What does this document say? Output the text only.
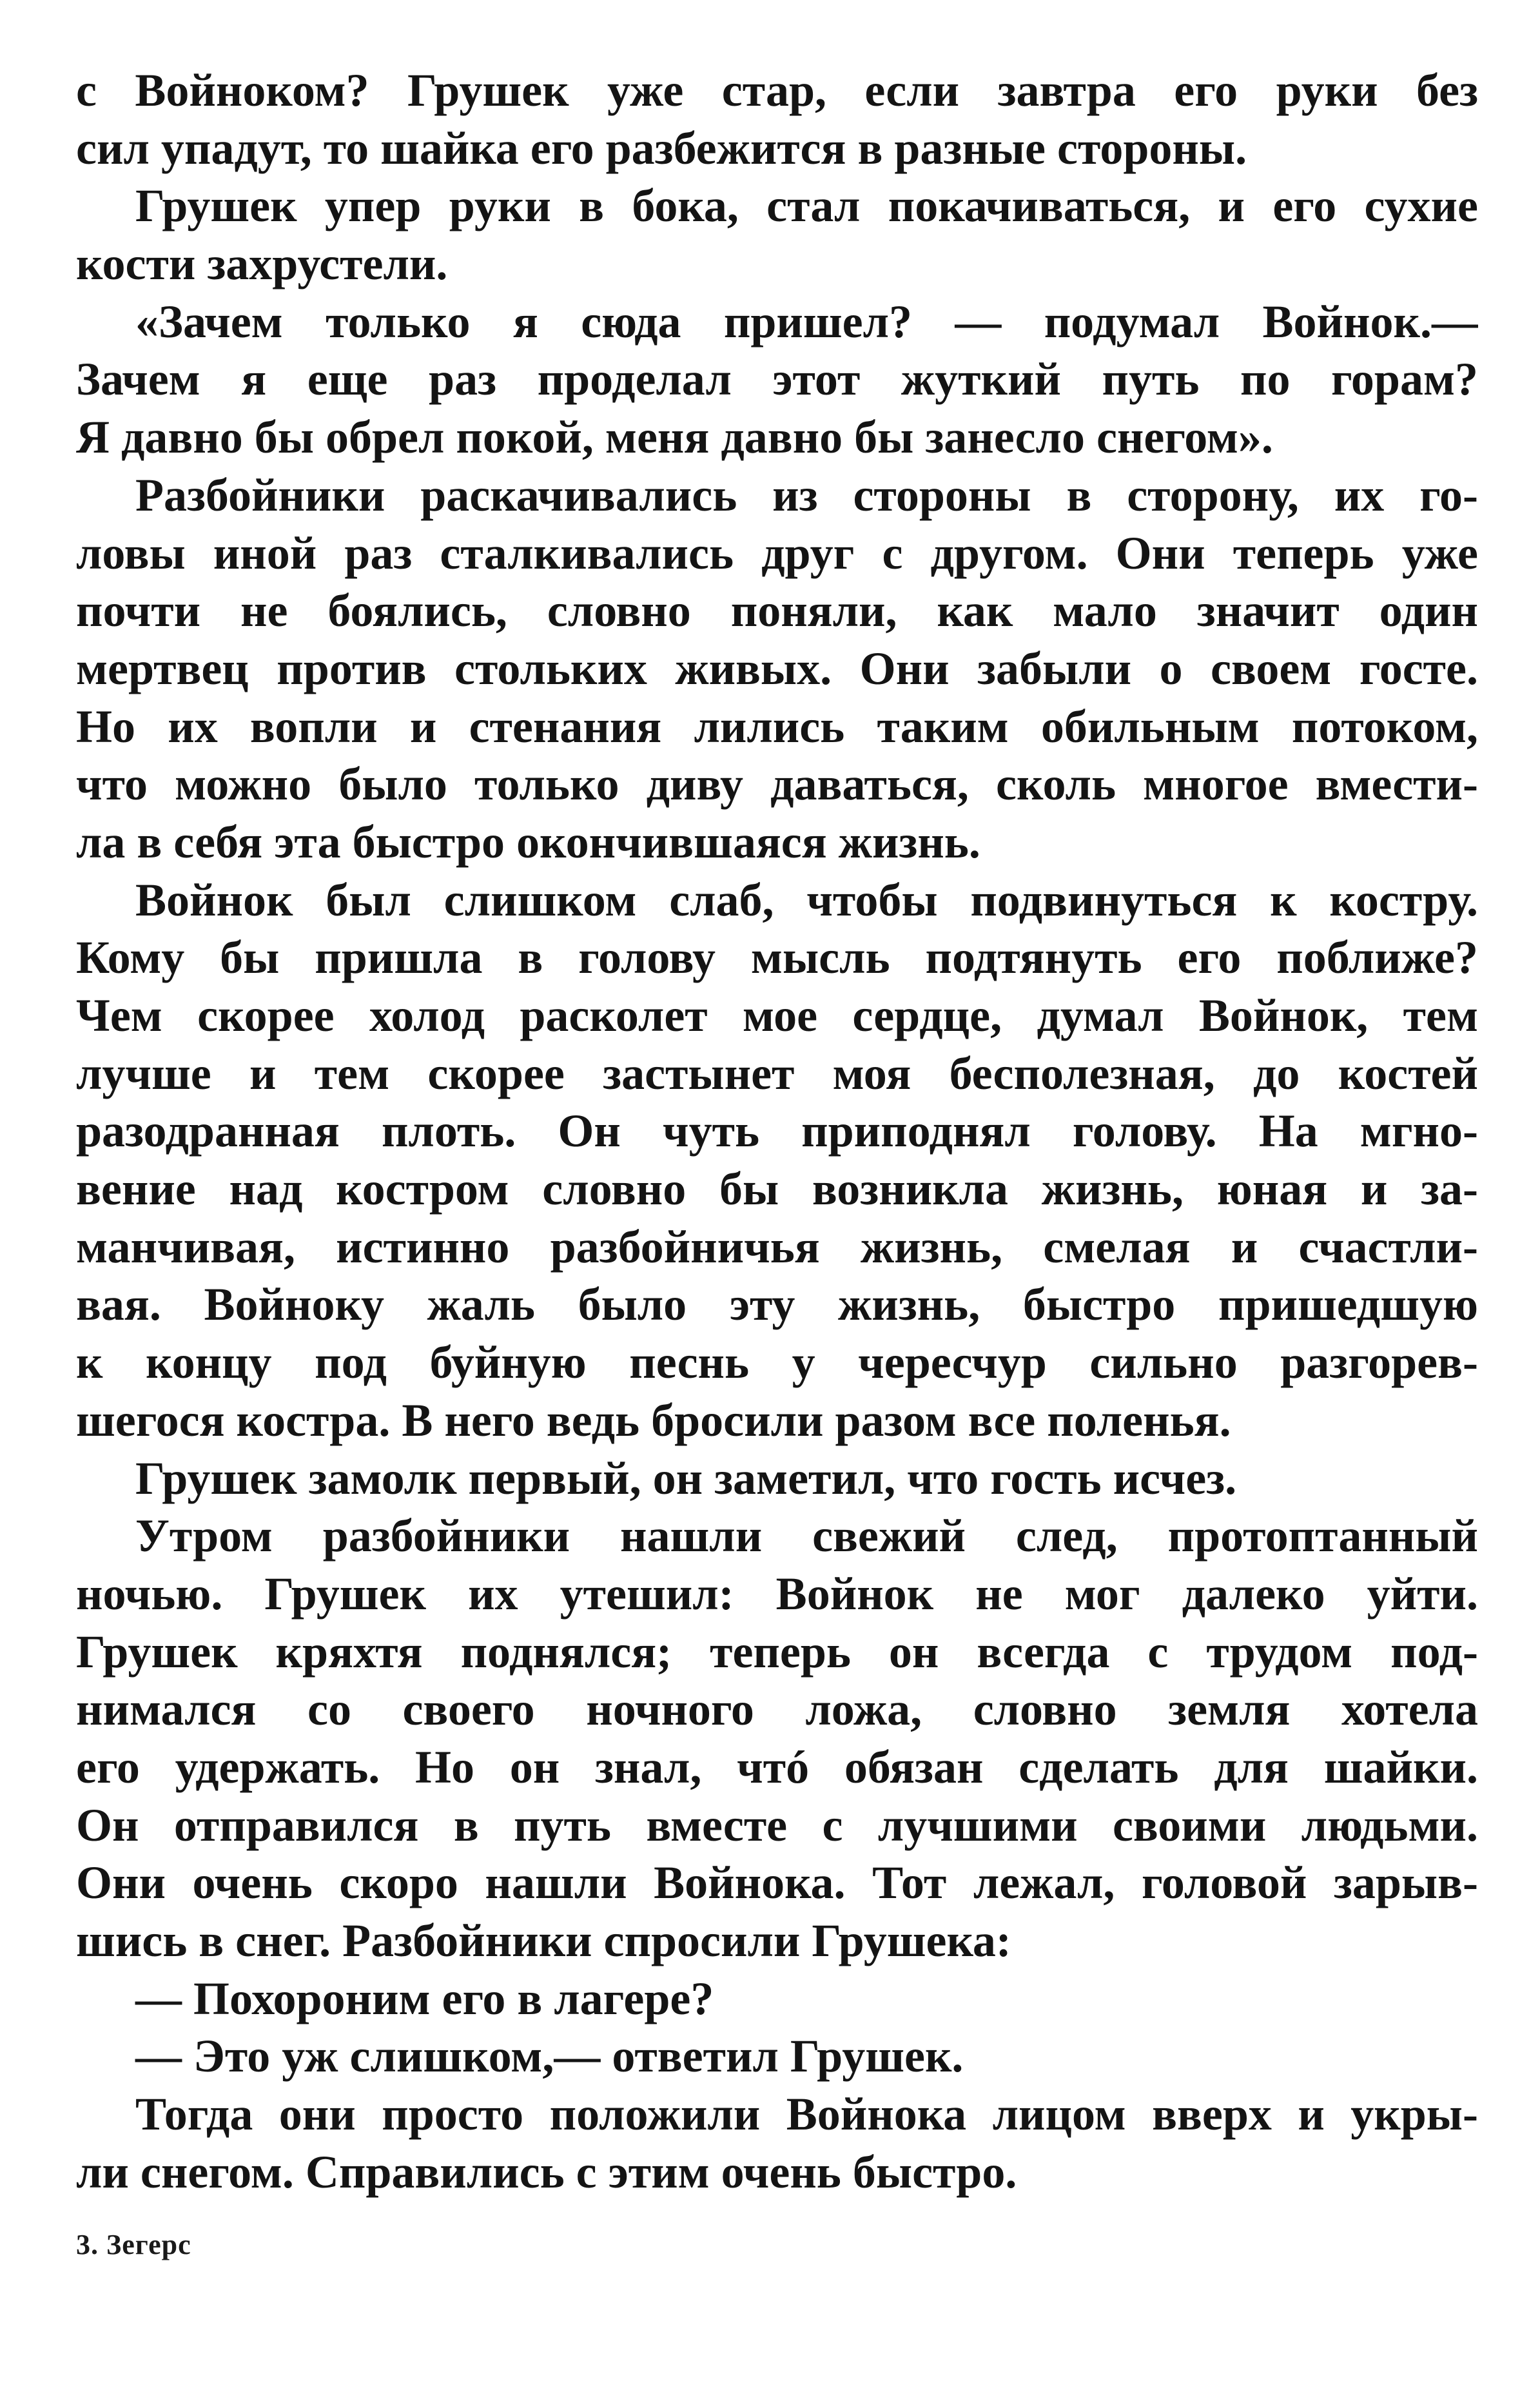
с Войноком? Грушек уже стар, если завтра его руки без
сил упадут, то шайка его разбежится в разные стороны.
Грушек упер руки в бока, стал покачиваться, и его сухие
кости захрустели.
«Зачем только я сюда пришел? — подумал Войнок.—
Зачем я еще раз проделал этот жуткий путь по горам?
Я давно бы обрел покой, меня давно бы занесло снегом».
Разбойники раскачивались из стороны в сторону, их го-
ловы иной раз сталкивались друг с другом. Они теперь уже
почти не боялись, словно поняли, как мало значит один
мертвец против стольких живых. Они забыли о своем госте.
Но их вопли и стенания лились таким обильным потоком,
что можно было только диву даваться, сколь многое вмести-
ла в себя эта быстро окончившаяся жизнь.
Войнок был слишком слаб, чтобы подвинуться к костру.
Кому бы пришла в голову мысль подтянуть его поближе?
Чем скорее холод расколет мое сердце, думал Войнок, тем
лучше и тем скорее застынет моя бесполезная, до костей
разодранная плоть. Он чуть приподнял голову. На мгно-
вение над костром словно бы возникла жизнь, юная и за-
манчивая, истинно разбойничья жизнь, смелая и счастли-
вая. Войноку жаль было эту жизнь, быстро пришедшую
к концу под буйную песнь у чересчур сильно разгорев-
шегося костра. В него ведь бросили разом все поленья.
Грушек замолк первый, он заметил, что гость исчез.
Утром разбойники нашли свежий след, протоптанный
ночью. Грушек их утешил: Войнок не мог далеко уйти.
Грушек кряхтя поднялся; теперь он всегда с трудом под-
нимался со своего ночного ложа, словно земля хотела
его удержать. Но он знал, чтó обязан сделать для шайки.
Он отправился в путь вместе с лучшими своими людьми.
Они очень скоро нашли Войнока. Тот лежал, головой зарыв-
шись в снег. Разбойники спросили Грушека:
— Похороним его в лагере?
— Это уж слишком,— ответил Грушек.
Тогда они просто положили Войнока лицом вверх и укры-
ли снегом. Справились с этим очень быстро.
3. Зегерс
